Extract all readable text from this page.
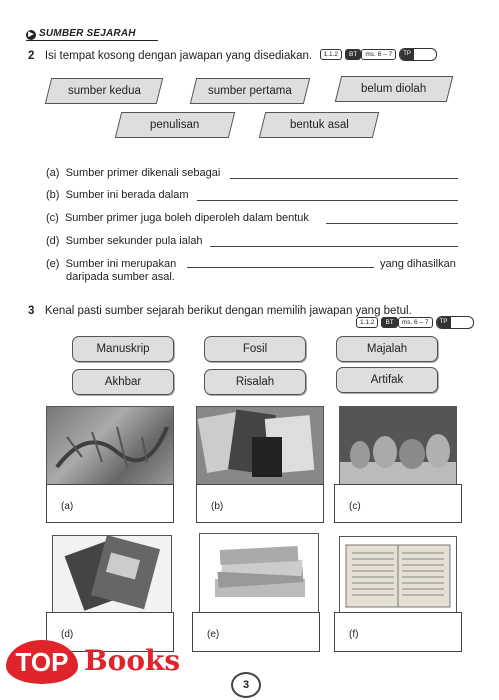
▶ SUMBER SEJARAH
2 Isi tempat kosong dengan jawapan yang disediakan. 1.1.2 BT ms. 6 – 7	TP
sumber kedua	sumber pertama	belum diolah
penulisan	bentuk asal
(a) Sumber primer dikenali sebagai
(b) Sumber ini berada dalam
(c) Sumber primer juga boleh diperoleh dalam bentuk
(d) Sumber sekunder pula ialah
(e) Sumber ini merupakan	yang dihasilkan
daripada sumber asal.
3 Kenal pasti sumber sejarah berikut dengan memilih jawapan yang betul.
1.1.2 BT ms. 6 – 7	TP
Manuskrip	Fosil	Majalah
Akhbar	Risalah	Artifak
(a)	(b)	(c)
(d)	(e)	(f)
3
TOP Books
